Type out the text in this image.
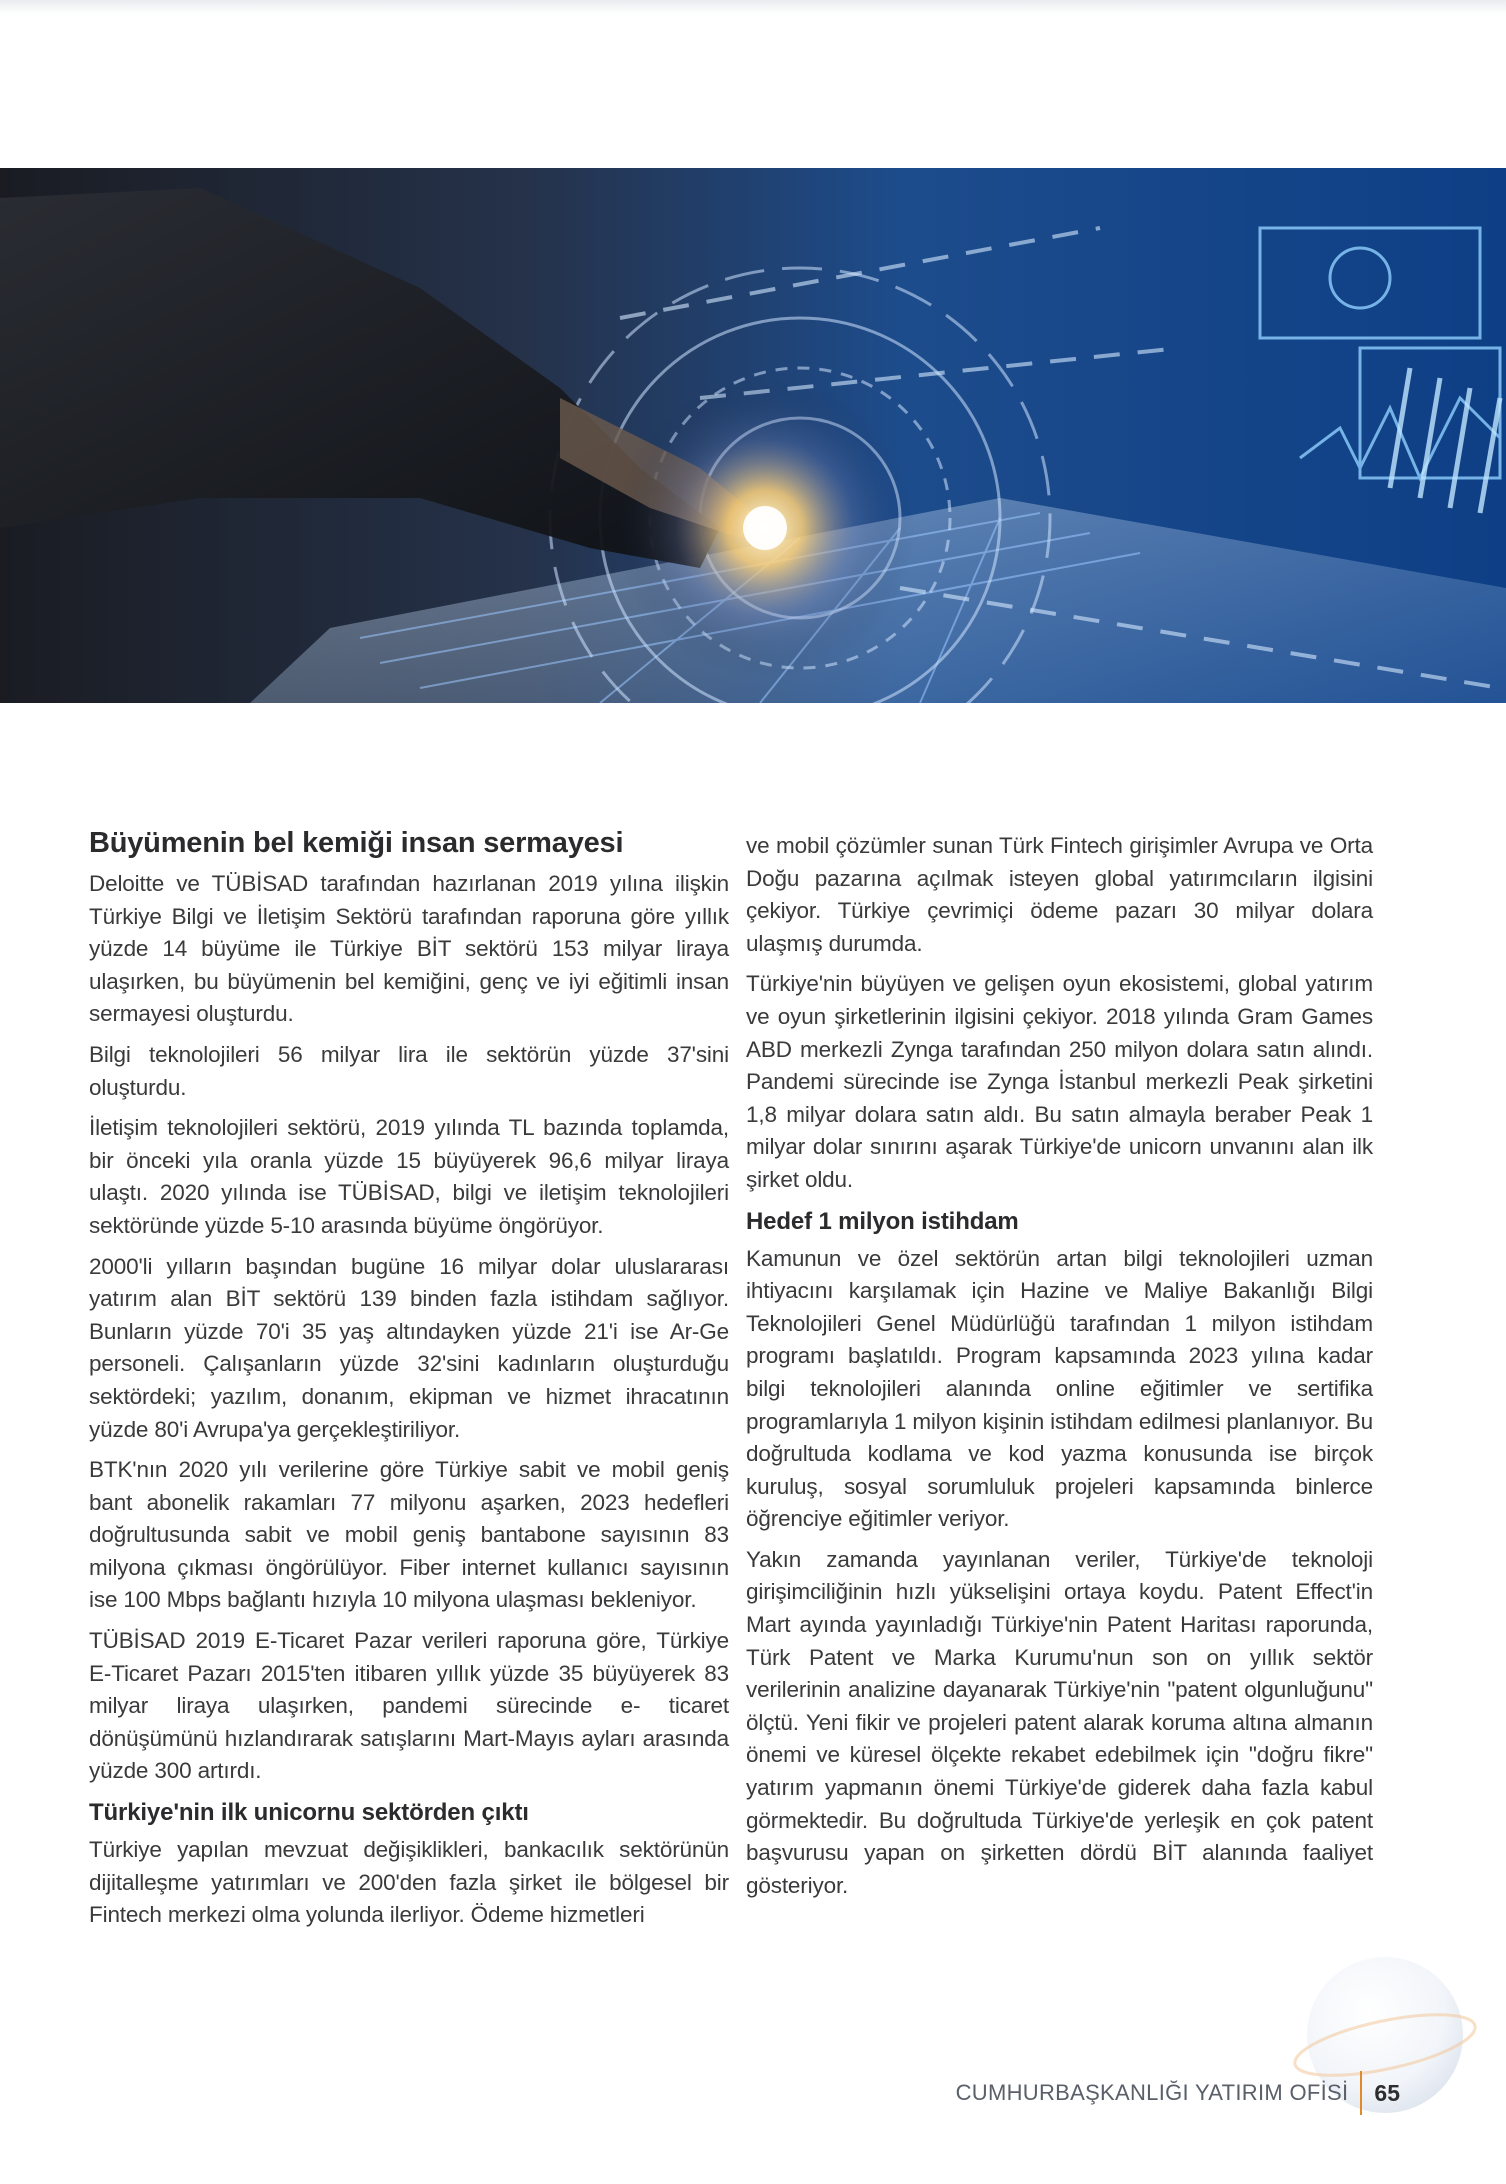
Büyümenin bel kemiği insan sermayesi

Deloitte ve TÜBİSAD tarafından hazırlanan 2019 yılına ilişkin Türkiye Bilgi ve İletişim Sektörü tarafından raporuna göre yıllık yüzde 14 büyüme ile Türkiye BİT sektörü 153 milyar liraya ulaşırken, bu büyümenin bel kemiğini, genç ve iyi eğitimli insan sermayesi oluşturdu.

Bilgi teknolojileri 56 milyar lira ile sektörün yüzde 37'sini oluşturdu.

İletişim teknolojileri sektörü, 2019 yılında TL bazında toplamda, bir önceki yıla oranla yüzde 15 büyüyerek 96,6 milyar liraya ulaştı. 2020 yılında ise TÜBİSAD, bilgi ve iletişim teknolojileri sektöründe yüzde 5-10 arasında büyüme öngörüyor.

2000'li yılların başından bugüne 16 milyar dolar uluslararası yatırım alan BİT sektörü 139 binden fazla istihdam sağlıyor. Bunların yüzde 70'i 35 yaş altındayken yüzde 21'i ise Ar-Ge personeli. Çalışanların yüzde 32'sini kadınların oluşturduğu sektördeki; yazılım, donanım, ekipman ve hizmet ihracatının yüzde 80'i Avrupa'ya gerçekleştiriliyor.

BTK'nın 2020 yılı verilerine göre Türkiye sabit ve mobil geniş bant abonelik rakamları 77 milyonu aşarken, 2023 hedefleri doğrultusunda sabit ve mobil geniş bantabone sayısının 83 milyona çıkması öngörülüyor. Fiber internet kullanıcı sayısının ise 100 Mbps bağlantı hızıyla 10 milyona ulaşması bekleniyor.

TÜBİSAD 2019 E-Ticaret Pazar verileri raporuna göre, Türkiye E-Ticaret Pazarı 2015'ten itibaren yıllık yüzde 35 büyüyerek 83 milyar liraya ulaşırken, pandemi sürecinde e- ticaret dönüşümünü hızlandırarak satışlarını Mart-Mayıs ayları arasında yüzde 300 artırdı.

Türkiye'nin ilk unicornu sektörden çıktı

Türkiye yapılan mevzuat değişiklikleri, bankacılık sektörünün dijitalleşme yatırımları ve 200'den fazla şirket ile bölgesel bir Fintech merkezi olma yolunda ilerliyor. Ödeme hizmetleri

ve mobil çözümler sunan Türk Fintech girişimler Avrupa ve Orta Doğu pazarına açılmak isteyen global yatırımcıların ilgisini çekiyor. Türkiye çevrimiçi ödeme pazarı 30 milyar dolara ulaşmış durumda.

Türkiye'nin büyüyen ve gelişen oyun ekosistemi, global yatırım ve oyun şirketlerinin ilgisini çekiyor. 2018 yılında Gram Games ABD merkezli Zynga tarafından 250 milyon dolara satın alındı. Pandemi sürecinde ise Zynga İstanbul merkezli Peak şirketini 1,8 milyar dolara satın aldı. Bu satın almayla beraber Peak 1 milyar dolar sınırını aşarak Türkiye'de unicorn unvanını alan ilk şirket oldu.

Hedef 1 milyon istihdam

Kamunun ve özel sektörün artan bilgi teknolojileri uzman ihtiyacını karşılamak için Hazine ve Maliye Bakanlığı Bilgi Teknolojileri Genel Müdürlüğü tarafından 1 milyon istihdam programı başlatıldı. Program kapsamında 2023 yılına kadar bilgi teknolojileri alanında online eğitimler ve sertifika programlarıyla 1 milyon kişinin istihdam edilmesi planlanıyor. Bu doğrultuda kodlama ve kod yazma konusunda ise birçok kuruluş, sosyal sorumluluk projeleri kapsamında binlerce öğrenciye eğitimler veriyor.

Yakın zamanda yayınlanan veriler, Türkiye'de teknoloji girişimciliğinin hızlı yükselişini ortaya koydu. Patent Effect'in Mart ayında yayınladığı Türkiye'nin Patent Haritası raporunda, Türk Patent ve Marka Kurumu'nun son on yıllık sektör verilerinin analizine dayanarak Türkiye'nin "patent olgunluğunu" ölçtü. Yeni fikir ve projeleri patent alarak koruma altına almanın önemi ve küresel ölçekte rekabet edebilmek için "doğru fikre" yatırım yapmanın önemi Türkiye'de giderek daha fazla kabul görmektedir. Bu doğrultuda Türkiye'de yerleşik en çok patent başvurusu yapan on şirketten dördü BİT alanında faaliyet gösteriyor.

CUMHURBAŞKANLIĞI YATIRIM OFİSİ 65
